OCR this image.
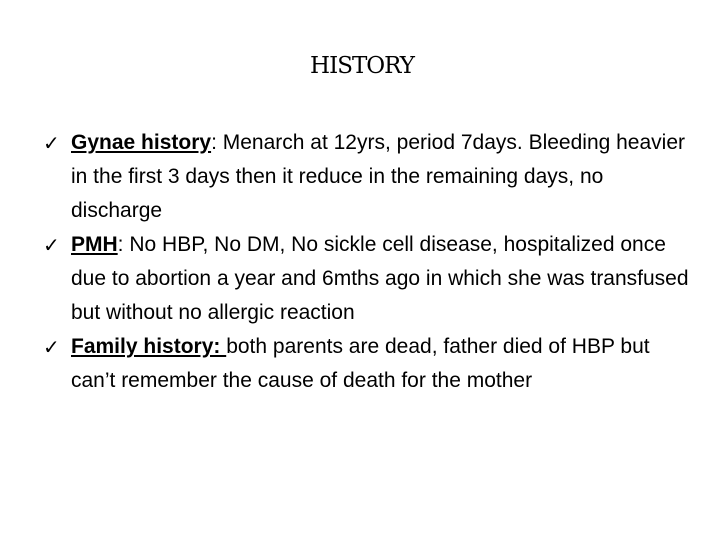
HISTORY
✓ Gynae history: Menarch at 12yrs, period 7days. Bleeding heavier in the first 3 days then it reduce in the remaining days, no discharge
✓ PMH: No HBP, No DM, No sickle cell disease, hospitalized once due to abortion a year and 6mths ago in which she was transfused but without no allergic reaction
✓ Family history: both parents are dead, father died of HBP but can’t remember the cause of death for the mother
